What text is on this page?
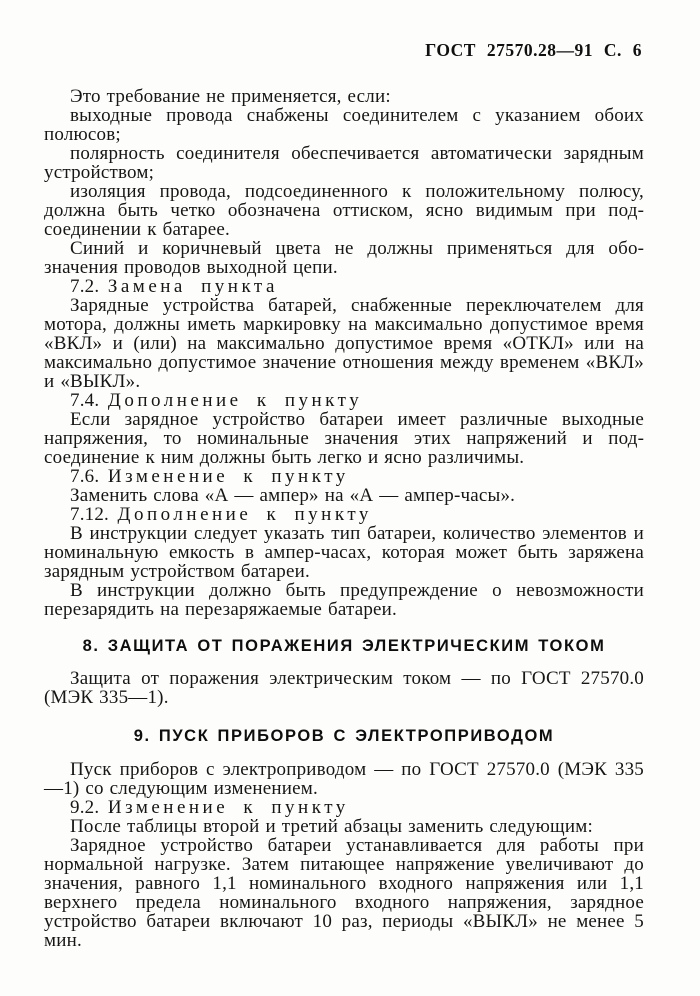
ГОСТ 27570.28—91 С. 6

Это требование не применяется, если:

выходные провода снабжены соединителем с указанием обоих полюсов;

полярность соединителя обеспечивается автоматически зарядным устройством;

изоляция провода, подсоединенного к положительному полюсу, должна быть четко обозначена оттиском, ясно видимым при подсоединении к батарее.

Синий и коричневый цвета не должны применяться для обозначения проводов выходной цепи.

7.2. Замена пункта

Зарядные устройства батарей, снабженные переключателем для мотора, должны иметь маркировку на максимально допустимое время «ВКЛ» и (или) на максимально допустимое время «ОТКЛ» или на максимально допустимое значение отношения между временем «ВКЛ» и «ВЫКЛ».

7.4. Дополнение к пункту

Если зарядное устройство батареи имеет различные выходные напряжения, то номинальные значения этих напряжений и подсоединение к ним должны быть легко и ясно различимы.

7.6. Изменение к пункту

Заменить слова «А — ампер» на «А — ампер-часы».

7.12. Дополнение к пункту

В инструкции следует указать тип батареи, количество элементов и номинальную емкость в ампер-часах, которая может быть заряжена зарядным устройством батареи.

В инструкции должно быть предупреждение о невозможности перезарядить на перезаряжаемые батареи.

8. ЗАЩИТА ОТ ПОРАЖЕНИЯ ЭЛЕКТРИЧЕСКИМ ТОКОМ

Защита от поражения электрическим током — по ГОСТ 27570.0 (МЭК 335—1).

9. ПУСК ПРИБОРОВ С ЭЛЕКТРОПРИВОДОМ

Пуск приборов с электроприводом — по ГОСТ 27570.0 (МЭК 335—1) со следующим изменением.

9.2. Изменение к пункту

После таблицы второй и третий абзацы заменить следующим:

Зарядное устройство батареи устанавливается для работы при нормальной нагрузке. Затем питающее напряжение увеличивают до значения, равного 1,1 номинального входного напряжения или 1,1 верхнего предела номинального входного напряжения, зарядное устройство батареи включают 10 раз, периоды «ВЫКЛ» не менее 5 мин.
